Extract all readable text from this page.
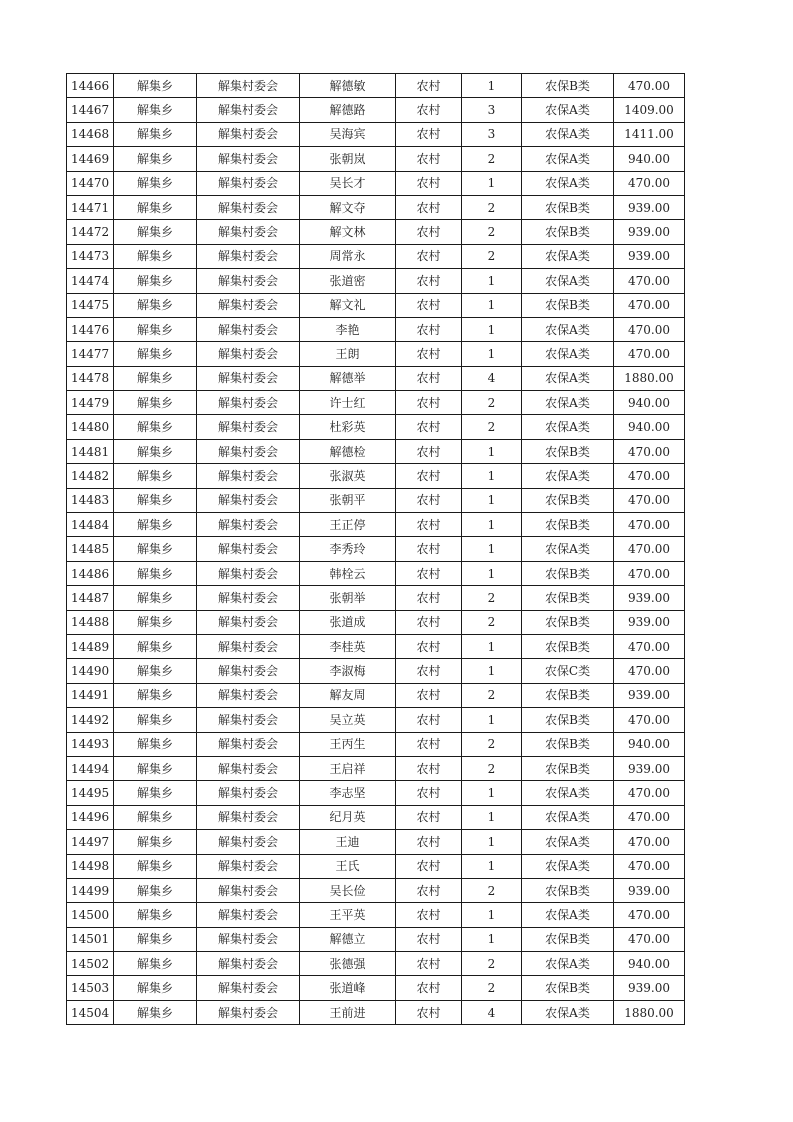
14466	解集乡	解集村委会	解德敏	农村	1	农保B类	470.00
14467	解集乡	解集村委会	解德路	农村	3	农保A类	1409.00
14468	解集乡	解集村委会	吴海宾	农村	3	农保A类	1411.00
14469	解集乡	解集村委会	张朝岚	农村	2	农保A类	940.00
14470	解集乡	解集村委会	吴长才	农村	1	农保A类	470.00
14471	解集乡	解集村委会	解文夺	农村	2	农保B类	939.00
14472	解集乡	解集村委会	解文林	农村	2	农保B类	939.00
14473	解集乡	解集村委会	周常永	农村	2	农保A类	939.00
14474	解集乡	解集村委会	张道密	农村	1	农保A类	470.00
14475	解集乡	解集村委会	解文礼	农村	1	农保B类	470.00
14476	解集乡	解集村委会	李艳	农村	1	农保A类	470.00
14477	解集乡	解集村委会	王朗	农村	1	农保A类	470.00
14478	解集乡	解集村委会	解德举	农村	4	农保A类	1880.00
14479	解集乡	解集村委会	许士红	农村	2	农保A类	940.00
14480	解集乡	解集村委会	杜彩英	农村	2	农保A类	940.00
14481	解集乡	解集村委会	解德检	农村	1	农保B类	470.00
14482	解集乡	解集村委会	张淑英	农村	1	农保A类	470.00
14483	解集乡	解集村委会	张朝平	农村	1	农保B类	470.00
14484	解集乡	解集村委会	王正停	农村	1	农保B类	470.00
14485	解集乡	解集村委会	李秀玲	农村	1	农保A类	470.00
14486	解集乡	解集村委会	韩栓云	农村	1	农保B类	470.00
14487	解集乡	解集村委会	张朝举	农村	2	农保B类	939.00
14488	解集乡	解集村委会	张道成	农村	2	农保B类	939.00
14489	解集乡	解集村委会	李桂英	农村	1	农保B类	470.00
14490	解集乡	解集村委会	李淑梅	农村	1	农保C类	470.00
14491	解集乡	解集村委会	解友周	农村	2	农保B类	939.00
14492	解集乡	解集村委会	吴立英	农村	1	农保B类	470.00
14493	解集乡	解集村委会	王丙生	农村	2	农保B类	940.00
14494	解集乡	解集村委会	王启祥	农村	2	农保B类	939.00
14495	解集乡	解集村委会	李志坚	农村	1	农保A类	470.00
14496	解集乡	解集村委会	纪月英	农村	1	农保A类	470.00
14497	解集乡	解集村委会	王迪	农村	1	农保A类	470.00
14498	解集乡	解集村委会	王氏	农村	1	农保A类	470.00
14499	解集乡	解集村委会	吴长俭	农村	2	农保B类	939.00
14500	解集乡	解集村委会	王平英	农村	1	农保A类	470.00
14501	解集乡	解集村委会	解德立	农村	1	农保B类	470.00
14502	解集乡	解集村委会	张德强	农村	2	农保A类	940.00
14503	解集乡	解集村委会	张道峰	农村	2	农保B类	939.00
14504	解集乡	解集村委会	王前进	农村	4	农保A类	1880.00
